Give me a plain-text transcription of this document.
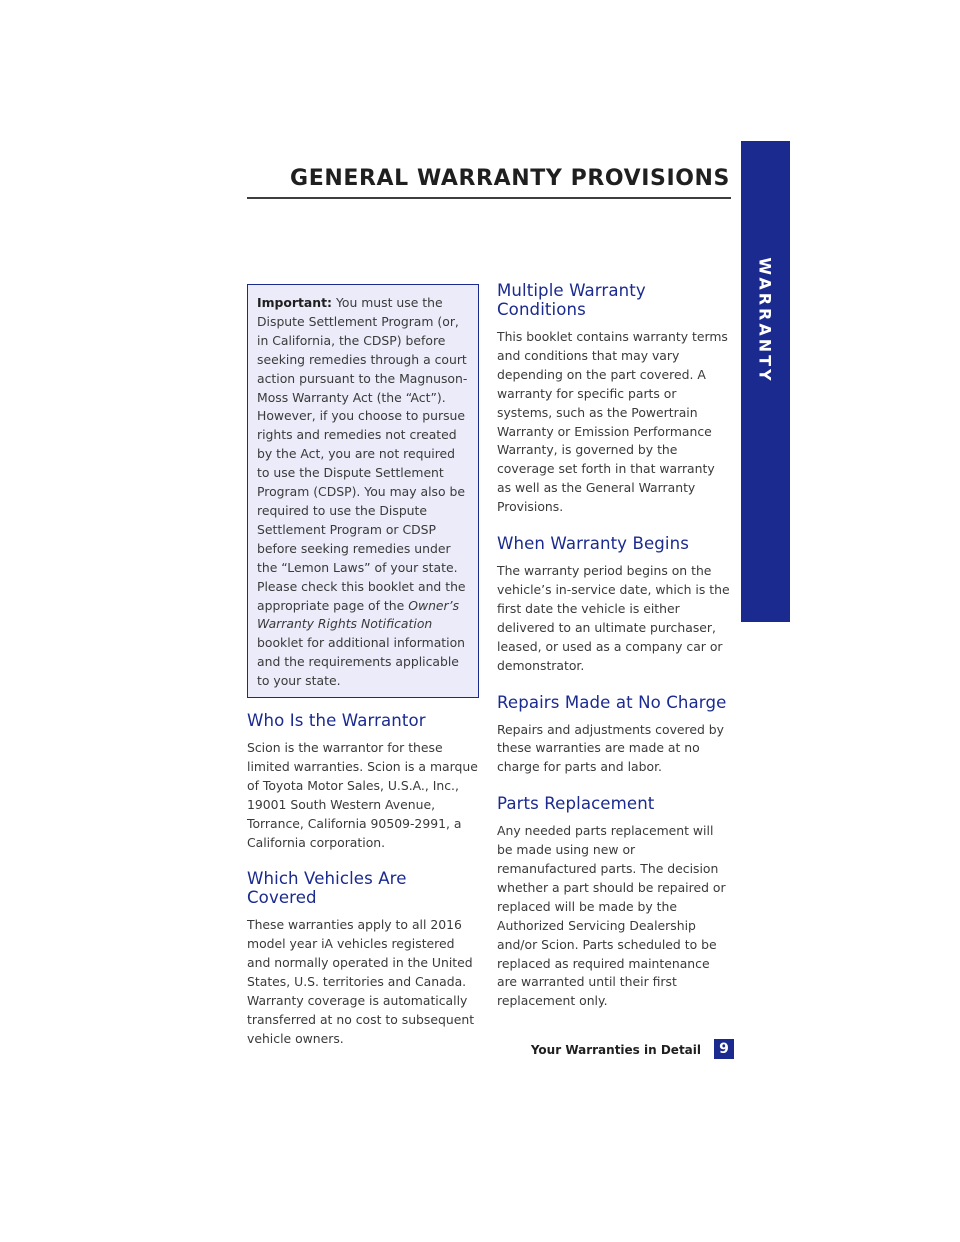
GENERAL WARRANTY PROVISIONS
WARRANTY

Important: You must use the Dispute Settlement Program (or, in California, the CDSP) before seeking remedies through a court action pursuant to the Magnuson-Moss Warranty Act (the “Act”). However, if you choose to pursue rights and remedies not created by the Act, you are not required to use the Dispute Settlement Program (CDSP). You may also be required to use the Dispute Settlement Program or CDSP before seeking remedies under the “Lemon Laws” of your state. Please check this booklet and the appropriate page of the Owner’s Warranty Rights Notification booklet for additional information and the requirements applicable to your state.

Who Is the Warrantor

Scion is the warrantor for these limited warranties. Scion is a marque of Toyota Motor Sales, U.S.A., Inc., 19001 South Western Avenue, Torrance, California 90509-2991, a California corporation.

Which Vehicles Are Covered

These warranties apply to all 2016 model year iA vehicles registered and normally operated in the United States, U.S. territories and Canada. Warranty coverage is automatically transferred at no cost to subsequent vehicle owners.

Multiple Warranty Conditions

This booklet contains warranty terms and conditions that may vary depending on the part covered. A warranty for specific parts or systems, such as the Powertrain Warranty or Emission Performance Warranty, is governed by the coverage set forth in that warranty as well as the General Warranty Provisions.

When Warranty Begins

The warranty period begins on the vehicle’s in-service date, which is the first date the vehicle is either delivered to an ultimate purchaser, leased, or used as a company car or demonstrator.

Repairs Made at No Charge

Repairs and adjustments covered by these warranties are made at no charge for parts and labor.

Parts Replacement

Any needed parts replacement will be made using new or remanufactured parts. The decision whether a part should be repaired or replaced will be made by the Authorized Servicing Dealership and/or Scion. Parts scheduled to be replaced as required maintenance are warranted until their first replacement only.

Your Warranties in Detail	9
